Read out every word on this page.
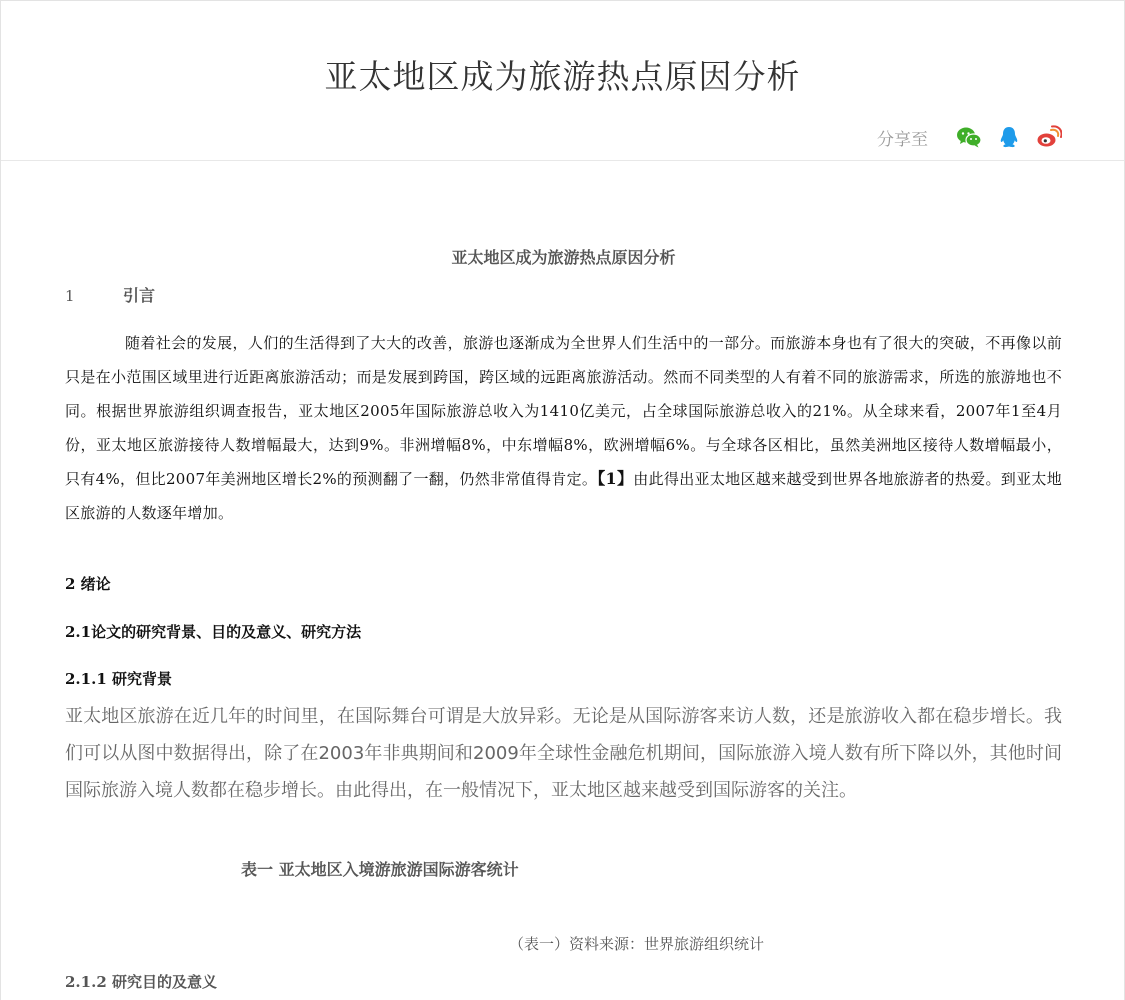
亚太地区成为旅游热点原因分析
分享至
亚太地区成为旅游热点原因分析
1	引言
随着社会的发展，人们的生活得到了大大的改善，旅游也逐渐成为全世界人们生活中的一部分。而旅游本身也有了很大的突破，不再像以前只是在小范围区域里进行近距离旅游活动；而是发展到跨国，跨区域的远距离旅游活动。然而不同类型的人有着不同的旅游需求，所选的旅游地也不同。根据世界旅游组织调查报告，亚太地区2005年国际旅游总收入为1410亿美元，占全球国际旅游总收入的21%。从全球来看，2007年1至4月份，亚太地区旅游接待人数增幅最大，达到9%。非洲增幅8%，中东增幅8%，欧洲增幅6%。与全球各区相比，虽然美洲地区接待人数增幅最小，只有4%，但比2007年美洲地区增长2%的预测翻了一翻，仍然非常值得肯定。【1】由此得出亚太地区越来越受到世界各地旅游者的热爱。到亚太地区旅游的人数逐年增加。
2 绪论
2.1论文的研究背景、目的及意义、研究方法
2.1.1 研究背景
亚太地区旅游在近几年的时间里，在国际舞台可谓是大放异彩。无论是从国际游客来访人数，还是旅游收入都在稳步增长。我们可以从图中数据得出，除了在2003年非典期间和2009年全球性金融危机期间，国际旅游入境人数有所下降以外，其他时间国际旅游入境人数都在稳步增长。由此得出，在一般情况下，亚太地区越来越受到国际游客的关注。
表一 亚太地区入境游旅游国际游客统计
（表一）资料来源：世界旅游组织统计
2.1.2 研究目的及意义
